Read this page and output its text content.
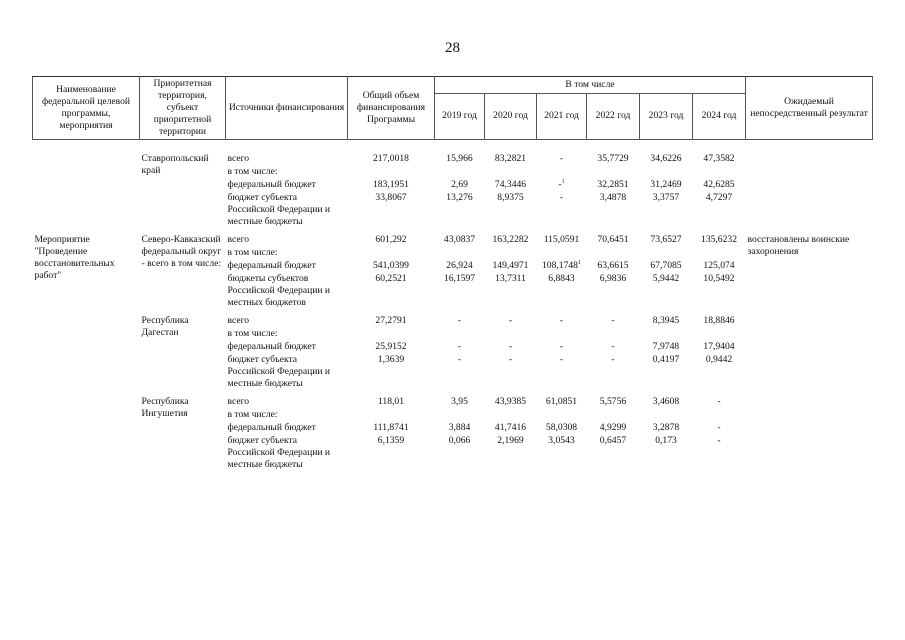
28
Наименование федеральной целевой программы, мероприятия	Приоритетная территория, субъект приоритетной территории	Источники финансирования	Общий объем финансирования Программы	В том числе						Ожидаемый непосредственный результат
				2019 год	2020 год	2021 год	2022 год	2023 год	2024 год	
	Ставропольский край	всего	217,0018	15,966	83,2821	-	35,7729	34,6226	47,3582	
		в том числе:								
		федеральный бюджет	183,1951	2,69	74,3446	-$^1$	32,2851	31,2469	42,6285	
		бюджет субъекта Российской Федерации и местные бюджеты	33,8067	13,276	8,9375	-	3,4878	3,3757	4,7297	
Мероприятие "Проведение восстановительных работ"	Северо-Кавказский федеральный округ - всего в том числе:	всего	601,292	43,0837	163,2282	115,0591	70,6451	73,6527	135,6232	восстановлены воинские захоронения
		в том числе:								
		федеральный бюджет	541,0399	26,924	149,4971	108,1748$^1$	63,6615	67,7085	125,074	
		бюджеты субъектов Российской Федерации и местных бюджетов	60,2521	16,1597	13,7311	6,8843	6,9836	5,9442	10,5492	
	Республика Дагестан	всего	27,2791	-	-	-	-	8,3945	18,8846	
		в том числе:								
		федеральный бюджет	25,9152	-	-	-	-	7,9748	17,9404	
		бюджет субъекта Российской Федерации и местные бюджеты	1,3639	-	-	-	-	0,4197	0,9442	
	Республика Ингушетия	всего	118,01	3,95	43,9385	61,0851	5,5756	3,4608	-	
		в том числе:								
		федеральный бюджет	111,8741	3,884	41,7416	58,0308	4,9299	3,2878	-	
		бюджет субъекта Российской Федерации и местные бюджеты	6,1359	0,066	2,1969	3,0543	0,6457	0,173	-	
